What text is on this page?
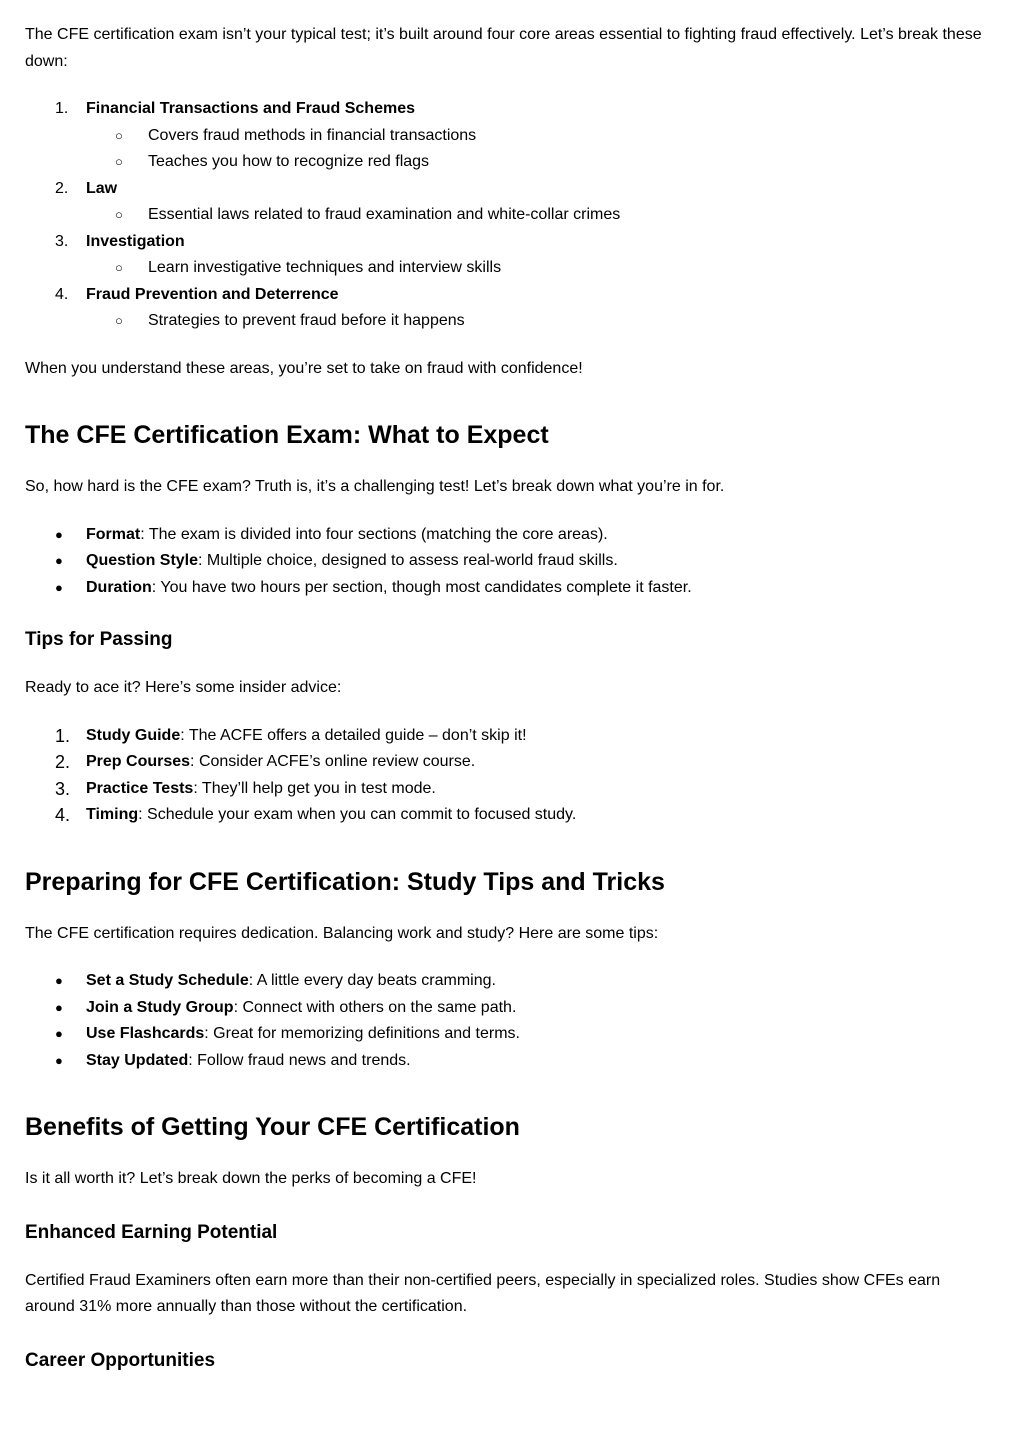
The CFE certification exam isn’t your typical test; it’s built around four core areas essential to fighting fraud effectively. Let’s break these down:

1. Financial Transactions and Fraud Schemes
○ Covers fraud methods in financial transactions
○ Teaches you how to recognize red flags
2. Law
○ Essential laws related to fraud examination and white-collar crimes
3. Investigation
○ Learn investigative techniques and interview skills
4. Fraud Prevention and Deterrence
○ Strategies to prevent fraud before it happens

When you understand these areas, you’re set to take on fraud with confidence!

The CFE Certification Exam: What to Expect

So, how hard is the CFE exam? Truth is, it’s a challenging test! Let’s break down what you’re in for.

● Format: The exam is divided into four sections (matching the core areas).
● Question Style: Multiple choice, designed to assess real-world fraud skills.
● Duration: You have two hours per section, though most candidates complete it faster.
Tips for Passing

Ready to ace it? Here’s some insider advice:

1. Study Guide: The ACFE offers a detailed guide – don’t skip it!
2. Prep Courses: Consider ACFE’s online review course.
3. Practice Tests: They’ll help get you in test mode.
4. Timing: Schedule your exam when you can commit to focused study.
Preparing for CFE Certification: Study Tips and Tricks

The CFE certification requires dedication. Balancing work and study? Here are some tips:

● Set a Study Schedule: A little every day beats cramming.
● Join a Study Group: Connect with others on the same path.
● Use Flashcards: Great for memorizing definitions and terms.
● Stay Updated: Follow fraud news and trends.
Benefits of Getting Your CFE Certification

Is it all worth it? Let’s break down the perks of becoming a CFE!

Enhanced Earning Potential

Certified Fraud Examiners often earn more than their non-certified peers, especially in specialized roles. Studies show CFEs earn around 31% more annually than those without the certification.

Career Opportunities
